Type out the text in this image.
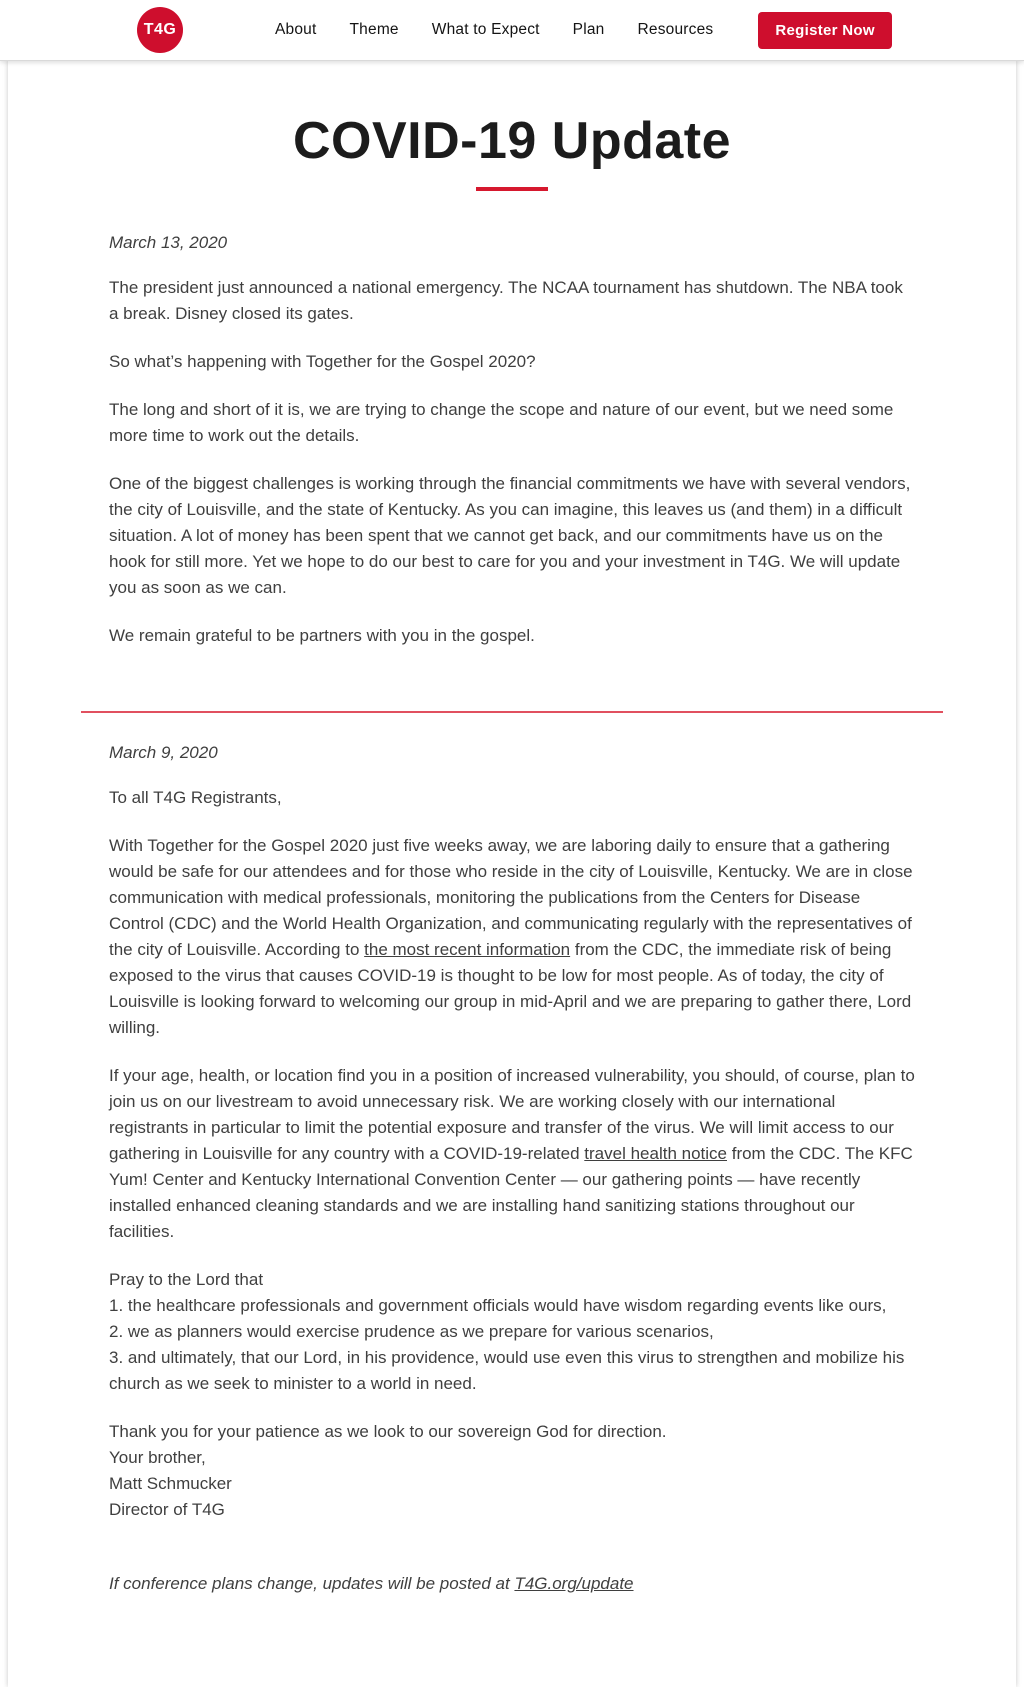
T4G	About Theme What to Expect Plan Resources	Register Now
COVID-19 Update

March 13, 2020

The president just announced a national emergency. The NCAA tournament has shutdown. The NBA took a break. Disney closed its gates.

So what’s happening with Together for the Gospel 2020?

The long and short of it is, we are trying to change the scope and nature of our event, but we need some more time to work out the details.

One of the biggest challenges is working through the financial commitments we have with several vendors, the city of Louisville, and the state of Kentucky. As you can imagine, this leaves us (and them) in a difficult situation. A lot of money has been spent that we cannot get back, and our commitments have us on the hook for still more. Yet we hope to do our best to care for you and your investment in T4G. We will update you as soon as we can.

We remain grateful to be partners with you in the gospel.

March 9, 2020

To all T4G Registrants,

With Together for the Gospel 2020 just five weeks away, we are laboring daily to ensure that a gathering would be safe for our attendees and for those who reside in the city of Louisville, Kentucky. We are in close communication with medical professionals, monitoring the publications from the Centers for Disease Control (CDC) and the World Health Organization, and communicating regularly with the representatives of the city of Louisville. According to the most recent information from the CDC, the immediate risk of being exposed to the virus that causes COVID-19 is thought to be low for most people. As of today, the city of Louisville is looking forward to welcoming our group in mid-April and we are preparing to gather there, Lord willing.

If your age, health, or location find you in a position of increased vulnerability, you should, of course, plan to join us on our livestream to avoid unnecessary risk. We are working closely with our international registrants in particular to limit the potential exposure and transfer of the virus. We will limit access to our gathering in Louisville for any country with a COVID-19-related travel health notice from the CDC. The KFC Yum! Center and Kentucky International Convention Center — our gathering points — have recently installed enhanced cleaning standards and we are installing hand sanitizing stations throughout our facilities.

Pray to the Lord that

1. the healthcare professionals and government officials would have wisdom regarding events like ours,
2. we as planners would exercise prudence as we prepare for various scenarios,
3. and ultimately, that our Lord, in his providence, would use even this virus to strengthen and mobilize his church as we seek to minister to a world in need.

Thank you for your patience as we look to our sovereign God for direction.

Your brother,
Matt Schmucker
Director of T4G

If conference plans change, updates will be posted at T4G.org/update
